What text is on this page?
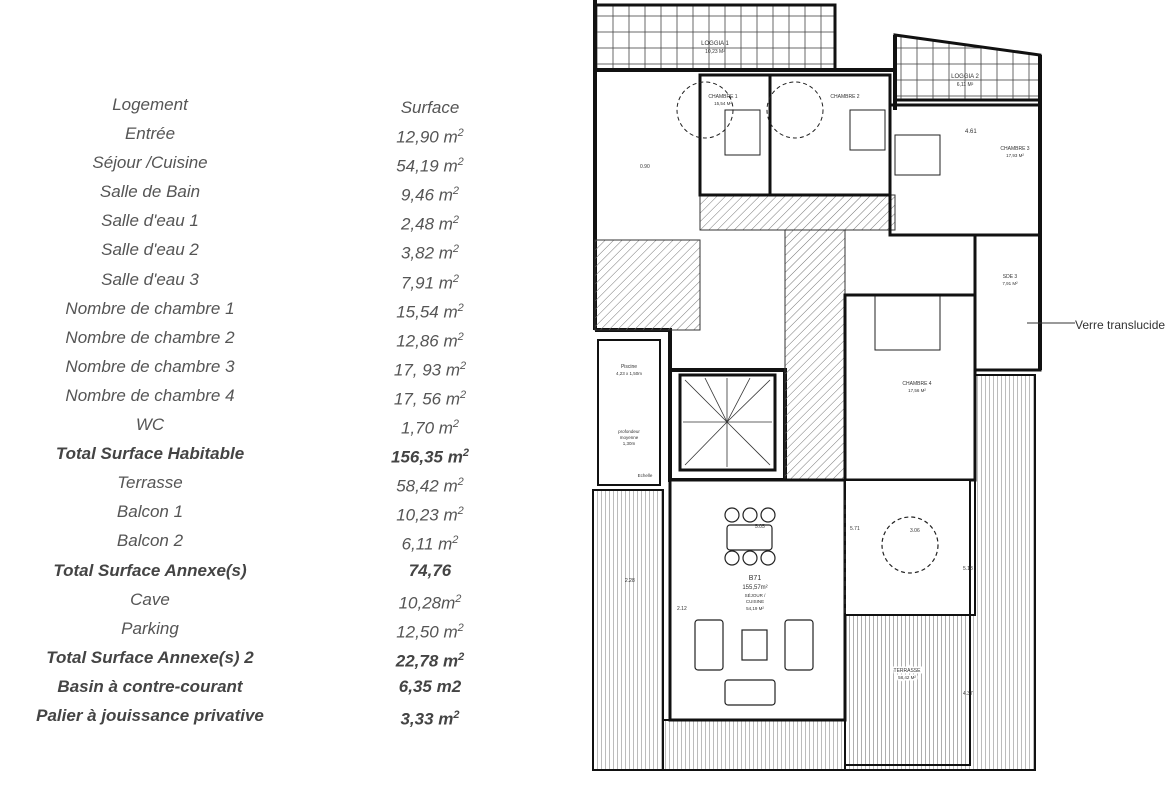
Logement	Surface
Entrée	12,90 $m^2$
Séjour /Cuisine	54,19 $m^2$
Salle de Bain	9,46 $m^2$
Salle d'eau 1	2,48 $m^2$
Salle d'eau 2	3,82 $m^2$
Salle d'eau 3	7,91 $m^2$
Nombre de chambre 1	15,54 $m^2$
Nombre de chambre 2	12,86 $m^2$
Nombre de chambre 3	17, 93 $m^2$
Nombre de chambre 4	17, 56 $m^2$
WC	1,70 $m^2$
Total Surface Habitable	156,35 $m^2$
Terrasse	58,42 $m^2$
Balcon 1	10,23 $m^2$
Balcon 2	6,11 $m^2$
Total Surface Annexe(s)	74,76
Cave	$10,28m^2$
Parking	12,50 $m^2$
Total Surface Annexe(s) 2	22,78 $m^2$
Basin à contre-courant	6,35 m2
Palier à jouissance privative	3,33 $m^2$
LOGGIA 1
10,23 M²
LOGGIA 2
6,11 M²
CHAMBRE 1
15,54 M²
CHAMBRE 2
CHAMBRE 3
17,93 M²
4.61
SDE 3
7,91 M²
CHAMBRE 4
17,56 M²
Piscine
4,23 x 1,50m
profondeur
moyenne
1,30m
Echelle
TERRASSE
58,42 M²
B71
155,57m²
SÉJOUR /
CUISINE
54,19 M²
5.05
3.06
5.71
2.12
5.18
4.37
2.28
0.90
Verre translucide
